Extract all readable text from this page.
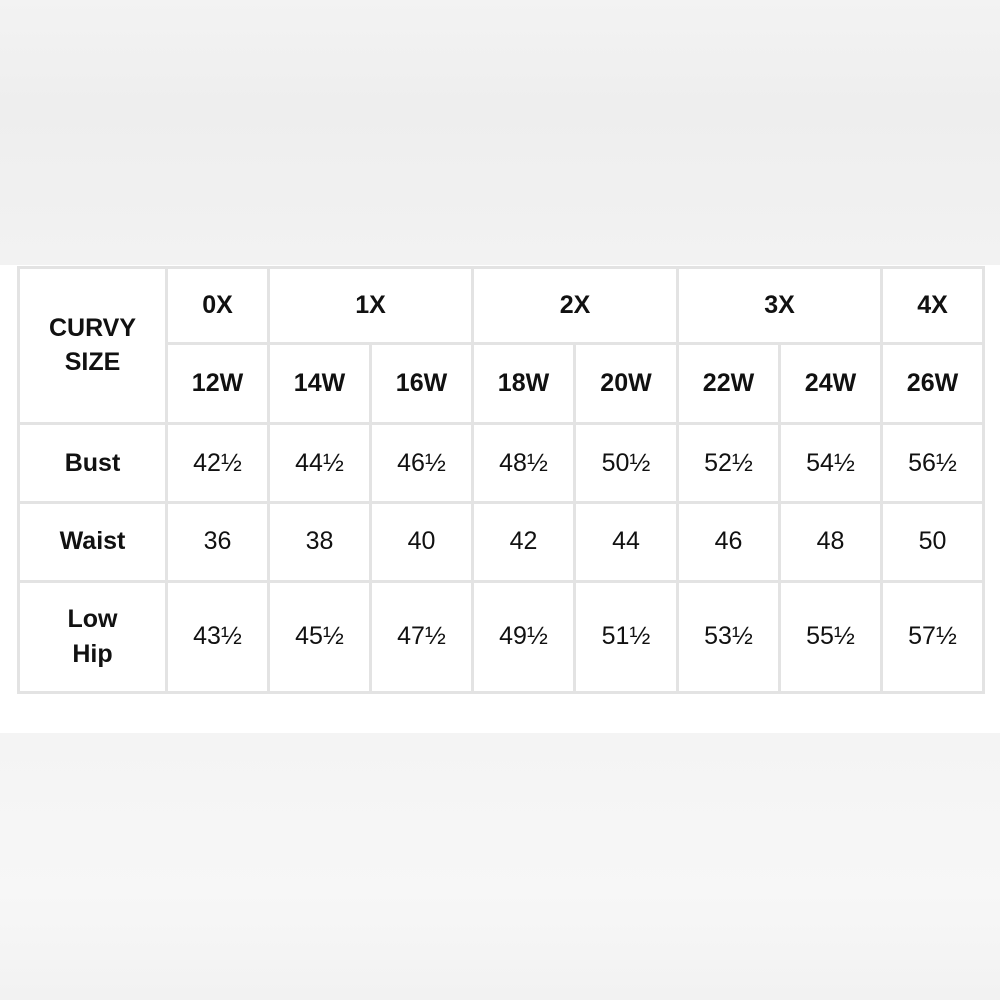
CURVY
SIZE	0X	1X		2X		3X		4X
	12W	14W	16W	18W	20W	22W	24W	26W

Bust	42½	44½	46½	48½	50½	52½	54½	56½

Waist	36	38	40	42	44	46	48	50

Low
Hip	43½	45½	47½	49½	51½	53½	55½	57½
